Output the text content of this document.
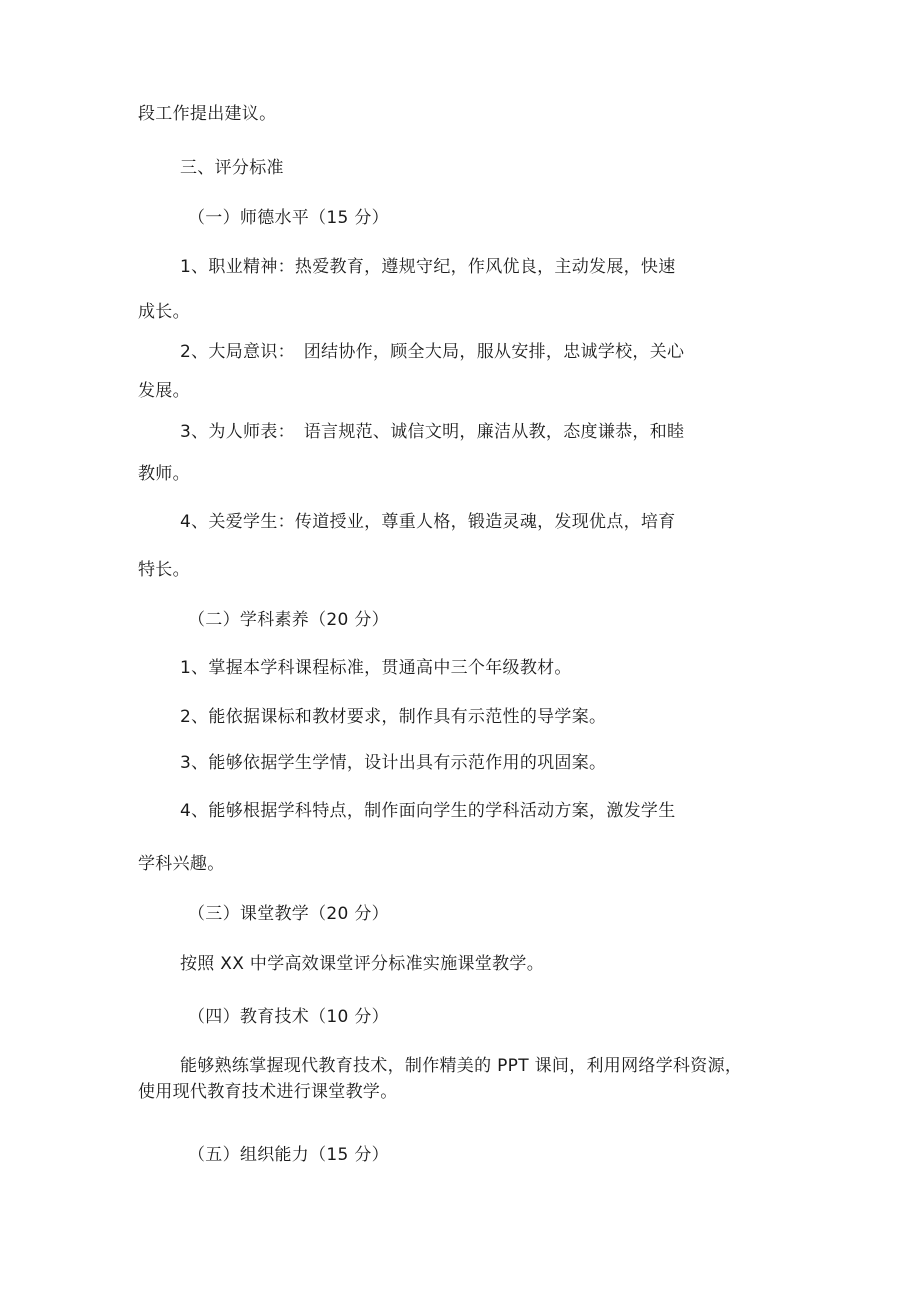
段工作提出建议。
三、评分标准
（一）师德水平（15 分）
1、职业精神：热爱教育，遵规守纪，作风优良，主动发展，快速
成长。
2、大局意识：　团结协作，顾全大局，服从安排，忠诚学校，关心
发展。
3、为人师表：　语言规范、诚信文明，廉洁从教，态度谦恭，和睦
教师。
4、关爱学生：传道授业，尊重人格，锻造灵魂，发现优点，培育
特长。
（二）学科素养（20 分）
1、掌握本学科课程标准，贯通高中三个年级教材。
2、能依据课标和教材要求，制作具有示范性的导学案。
3、能够依据学生学情，设计出具有示范作用的巩固案。
4、能够根据学科特点，制作面向学生的学科活动方案，激发学生
学科兴趣。
（三）课堂教学（20 分）
按照 XX 中学高效课堂评分标准实施课堂教学。
（四）教育技术（10 分）
能够熟练掌握现代教育技术，制作精美的 PPT 课间，利用网络学科资源，
使用现代教育技术进行课堂教学。
（五）组织能力（15 分）
